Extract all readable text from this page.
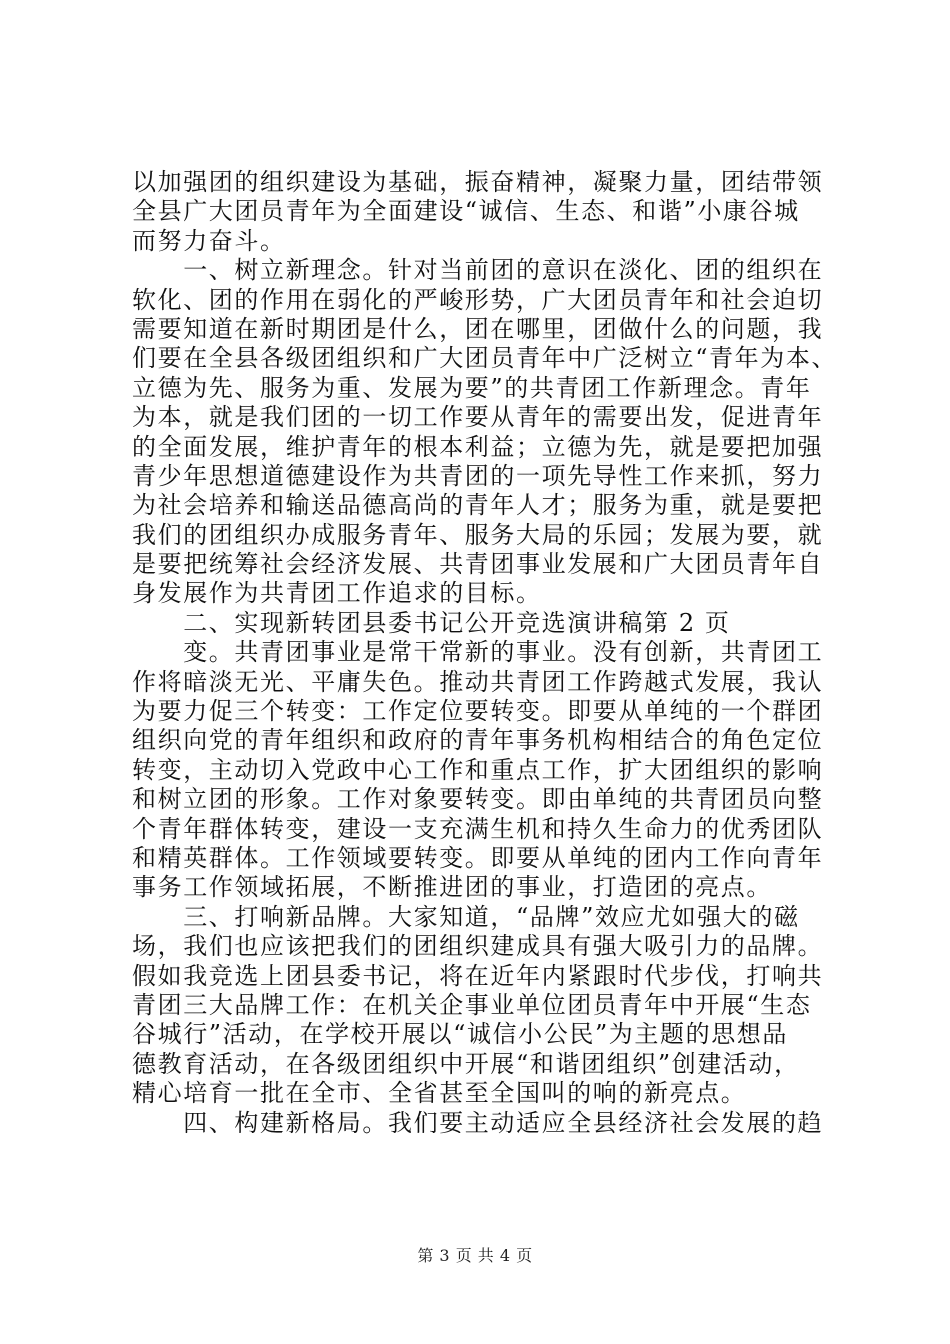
以加强团的组织建设为基础，振奋精神，凝聚力量，团结带领
全县广大团员青年为全面建设“诚信、生态、和谐”小康谷城
而努力奋斗。
　　一、树立新理念。针对当前团的意识在淡化、团的组织在
软化、团的作用在弱化的严峻形势，广大团员青年和社会迫切
需要知道在新时期团是什么，团在哪里，团做什么的问题，我
们要在全县各级团组织和广大团员青年中广泛树立“青年为本、
立德为先、服务为重、发展为要”的共青团工作新理念。青年
为本，就是我们团的一切工作要从青年的需要出发，促进青年
的全面发展，维护青年的根本利益；立德为先，就是要把加强
青少年思想道德建设作为共青团的一项先导性工作来抓，努力
为社会培养和输送品德高尚的青年人才；服务为重，就是要把
我们的团组织办成服务青年、服务大局的乐园；发展为要，就
是要把统筹社会经济发展、共青团事业发展和广大团员青年自
身发展作为共青团工作追求的目标。
　　二、实现新转团县委书记公开竞选演讲稿第 2 页
　　变。共青团事业是常干常新的事业。没有创新，共青团工
作将暗淡无光、平庸失色。推动共青团工作跨越式发展，我认
为要力促三个转变：工作定位要转变。即要从单纯的一个群团
组织向党的青年组织和政府的青年事务机构相结合的角色定位
转变，主动切入党政中心工作和重点工作，扩大团组织的影响
和树立团的形象。工作对象要转变。即由单纯的共青团员向整
个青年群体转变，建设一支充满生机和持久生命力的优秀团队
和精英群体。工作领域要转变。即要从单纯的团内工作向青年
事务工作领域拓展，不断推进团的事业，打造团的亮点。
　　三、打响新品牌。大家知道，“品牌”效应尤如强大的磁
场，我们也应该把我们的团组织建成具有强大吸引力的品牌。
假如我竞选上团县委书记，将在近年内紧跟时代步伐，打响共
青团三大品牌工作：在机关企事业单位团员青年中开展“生态
谷城行”活动，在学校开展以“诚信小公民”为主题的思想品
德教育活动，在各级团组织中开展“和谐团组织”创建活动，
精心培育一批在全市、全省甚至全国叫的响的新亮点。
　　四、构建新格局。我们要主动适应全县经济社会发展的趋
第 3 页 共 4 页
